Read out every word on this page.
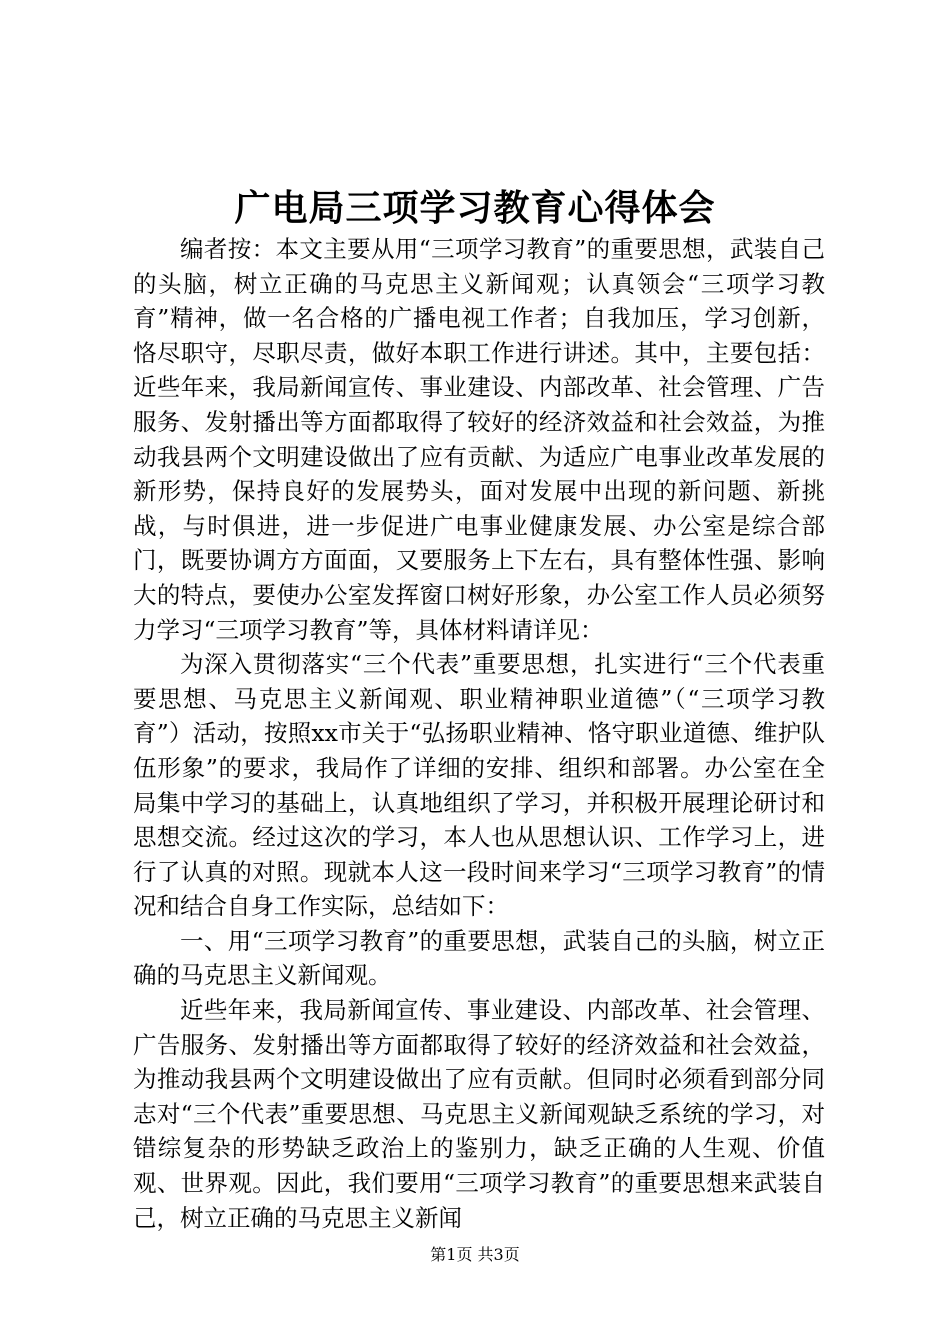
广电局三项学习教育心得体会

编者按：本文主要从用“三项学习教育”的重要思想，武装自己的头脑，树立正确的马克思主义新闻观；认真领会“三项学习教育”精神，做一名合格的广播电视工作者；自我加压，学习创新，恪尽职守，尽职尽责，做好本职工作进行讲述。其中，主要包括：近些年来，我局新闻宣传、事业建设、内部改革、社会管理、广告服务、发射播出等方面都取得了较好的经济效益和社会效益，为推动我县两个文明建设做出了应有贡献、为适应广电事业改革发展的新形势，保持良好的发展势头，面对发展中出现的新问题、新挑战，与时俱进，进一步促进广电事业健康发展、办公室是综合部门，既要协调方方面面，又要服务上下左右，具有整体性强、影响大的特点，要使办公室发挥窗口树好形象，办公室工作人员必须努力学习“三项学习教育”等，具体材料请详见：

为深入贯彻落实“三个代表”重要思想，扎实进行“三个代表重要思想、马克思主义新闻观、职业精神职业道德”（“三项学习教育”）活动，按照xx市关于“弘扬职业精神、恪守职业道德、维护队伍形象”的要求，我局作了详细的安排、组织和部署。办公室在全局集中学习的基础上，认真地组织了学习，并积极开展理论研讨和思想交流。经过这次的学习，本人也从思想认识、工作学习上，进行了认真的对照。现就本人这一段时间来学习“三项学习教育”的情况和结合自身工作实际，总结如下：

一、用“三项学习教育”的重要思想，武装自己的头脑，树立正确的马克思主义新闻观。

近些年来，我局新闻宣传、事业建设、内部改革、社会管理、广告服务、发射播出等方面都取得了较好的经济效益和社会效益，为推动我县两个文明建设做出了应有贡献。但同时必须看到部分同志对“三个代表”重要思想、马克思主义新闻观缺乏系统的学习，对错综复杂的形势缺乏政治上的鉴别力，缺乏正确的人生观、价值观、世界观。因此，我们要用“三项学习教育”的重要思想来武装自己，树立正确的马克思主义新闻

第1页 共3页
